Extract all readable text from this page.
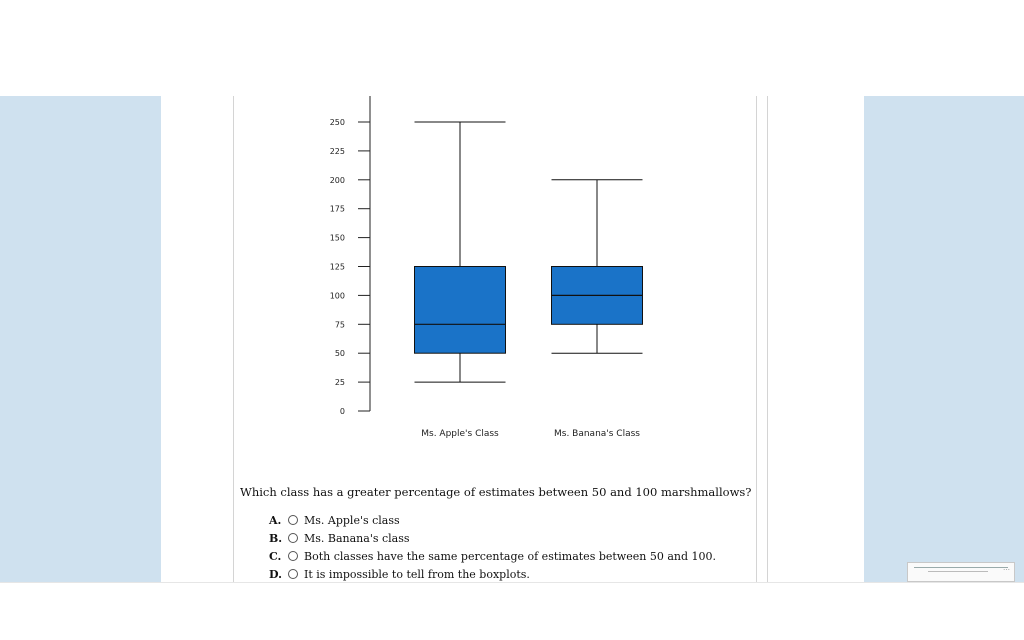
0
25
50
75
100
125
150
175
200
225
250
Ms. Apple's Class	Ms. Banana's Class
Which class has a greater percentage of estimates between 50 and 100 marshmallows?
A.	Ms. Apple's class
B.	Ms. Banana's class
C.	Both classes have the same percentage of estimates between 50 and 100.
D.	It is impossible to tell from the boxplots.	…
